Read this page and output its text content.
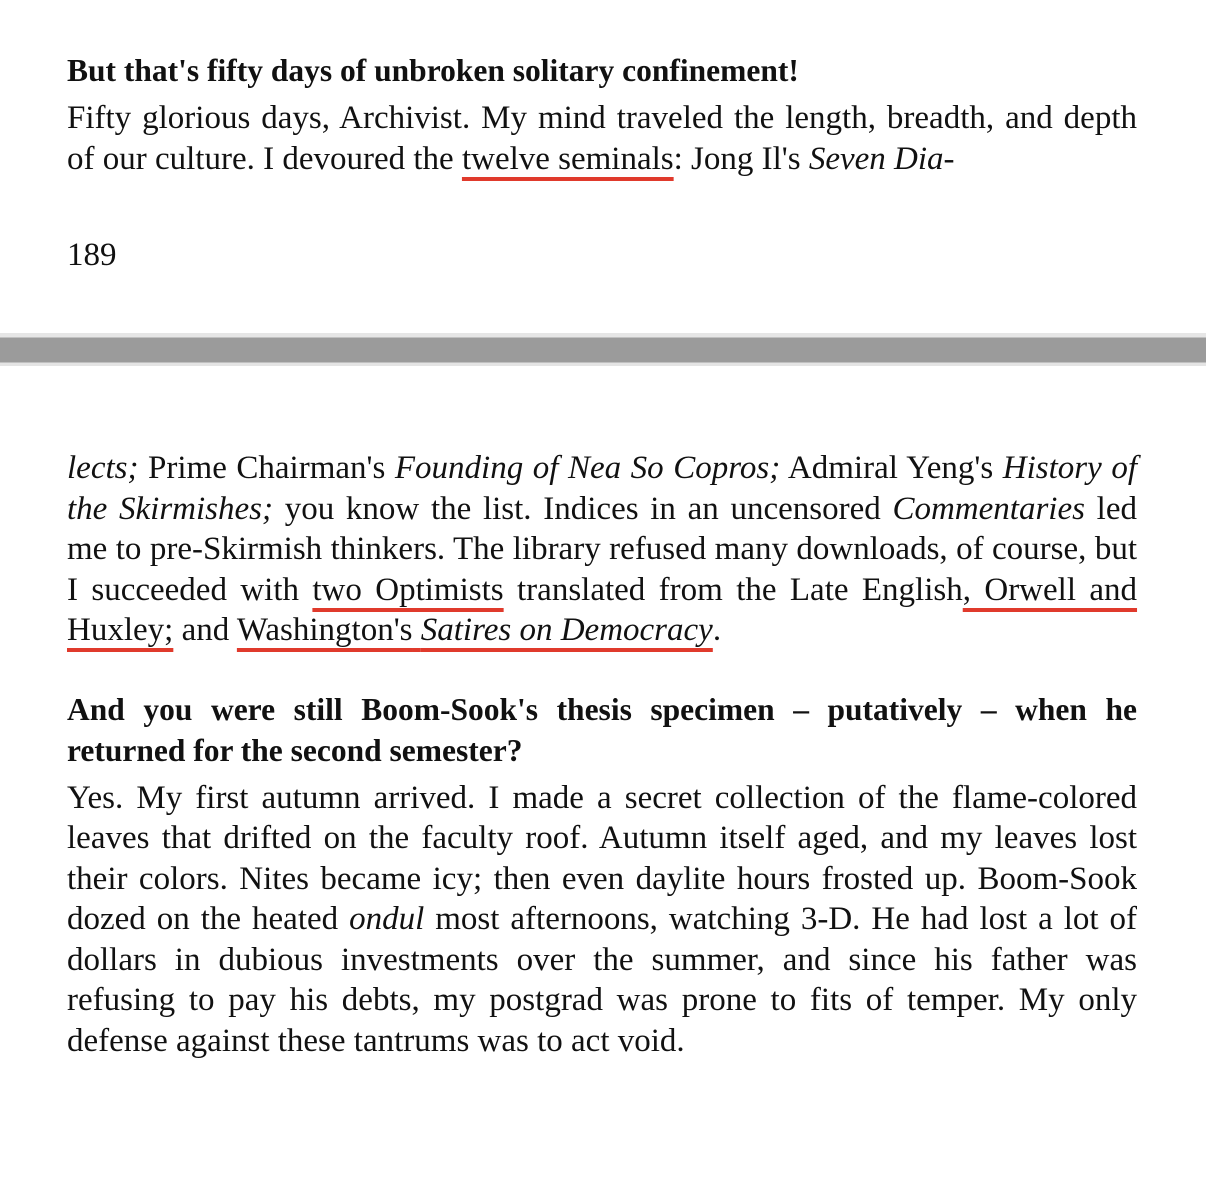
But that's fifty days of unbroken solitary confinement!

Fifty glorious days, Archivist. My mind traveled the length, breadth, and depth of our culture. I devoured the twelve seminals: Jong Il's Seven Dia-

189

lects; Prime Chairman's Founding of Nea So Copros; Admiral Yeng's History of the Skirmishes; you know the list. Indices in an uncensored Commentaries led me to pre-Skirmish thinkers. The library refused many downloads, of course, but I succeeded with two Optimists translated from the Late English, Orwell and Huxley; and Washington's Satires on Democracy.

And you were still Boom-Sook's thesis specimen – putatively – when he returned for the second semester?

Yes. My first autumn arrived. I made a secret collection of the flame-colored leaves that drifted on the faculty roof. Autumn itself aged, and my leaves lost their colors. Nites became icy; then even daylite hours frosted up. Boom-Sook dozed on the heated ondul most afternoons, watching 3-D. He had lost a lot of dollars in dubious investments over the summer, and since his father was refusing to pay his debts, my postgrad was prone to fits of temper. My only defense against these tantrums was to act void.
